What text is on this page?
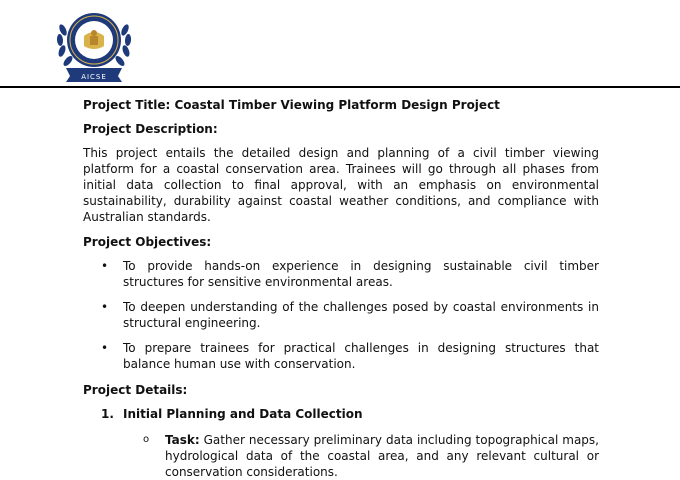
AICSE

Project Title: Coastal Timber Viewing Platform Design Project

Project Description:

This project entails the detailed design and planning of a civil timber viewing platform for a coastal conservation area. Trainees will go through all phases from initial data collection to final approval, with an emphasis on environmental sustainability, durability against coastal weather conditions, and compliance with Australian standards.

Project Objectives:

• To provide hands-on experience in designing sustainable civil timber structures for sensitive environmental areas.
• To deepen understanding of the challenges posed by coastal environments in structural engineering.
• To prepare trainees for practical challenges in designing structures that balance human use with conservation.

Project Details:

1. Initial Planning and Data Collection
o Task: Gather necessary preliminary data including topographical maps, hydrological data of the coastal area, and any relevant cultural or conservation considerations.
